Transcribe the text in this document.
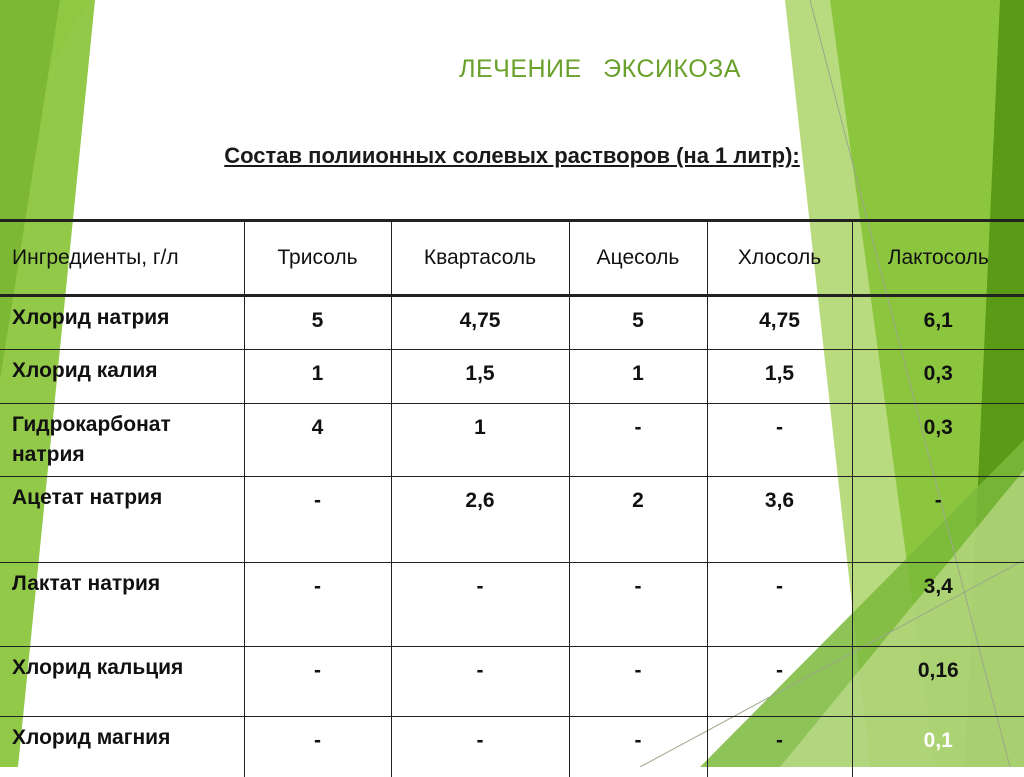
ЛЕЧЕНИЕ ЭКСИКОЗА
Состав полиионных солевых растворов (на 1 литр):
Ингредиенты, г/л	Трисоль	Квартасоль	Ацесоль	Хлосоль	Лактосоль
Хлорид натрия	5	4,75	5	4,75	6,1
Хлорид калия	1	1,5	1	1,5	0,3
Гидрокарбонат натрия	4	1	-	-	0,3
Ацетат натрия	-	2,6	2	3,6	-
Лактат натрия	-	-	-	-	3,4
Хлорид кальция	-	-	-	-	0,16
Хлорид магния	-	-	-	-	0,1
